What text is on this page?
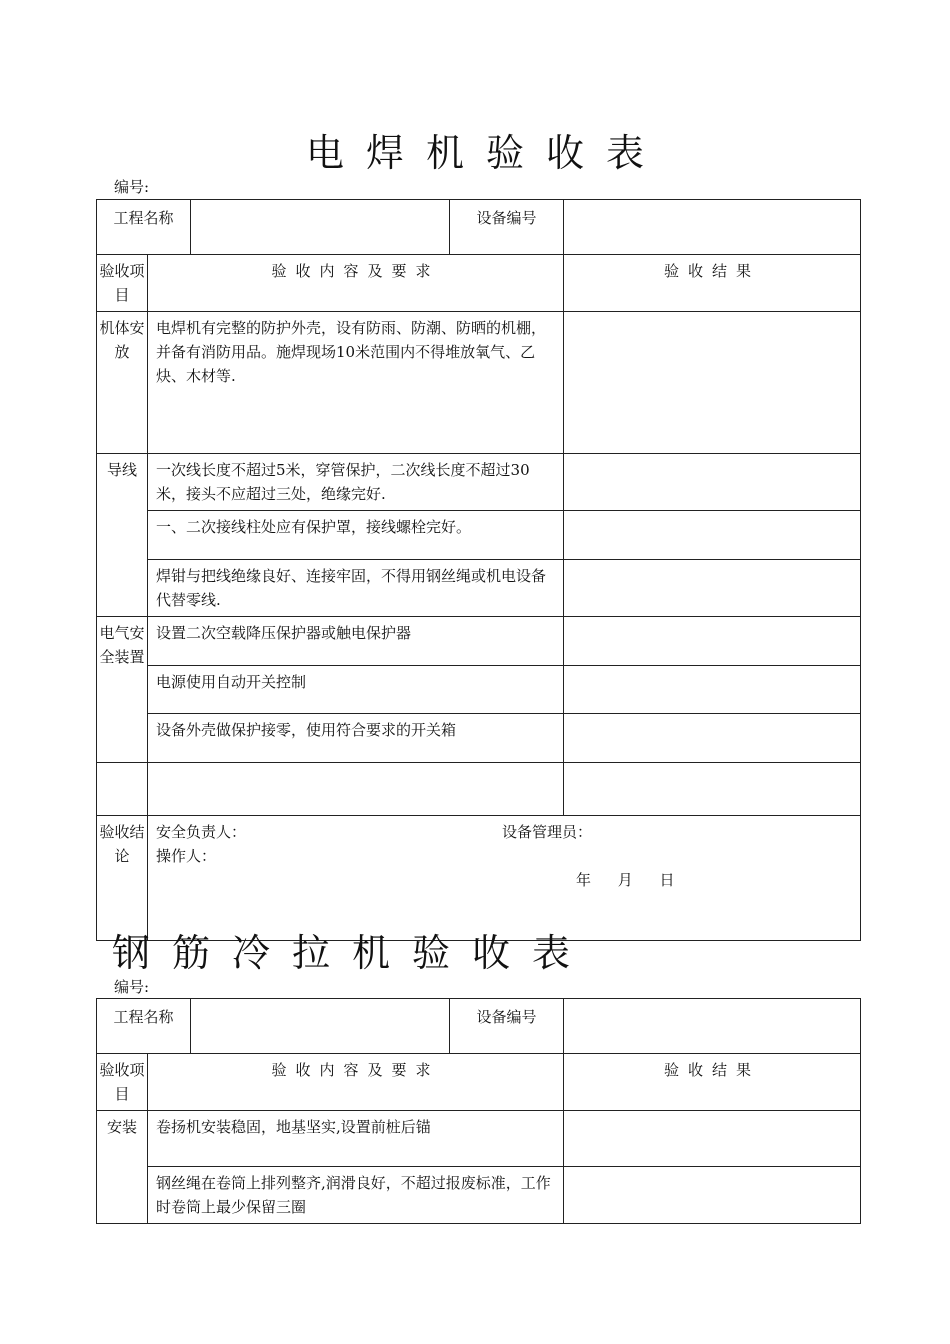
电焊机验收表
编号:
工程名称			设备编号	
验收项目	验收内容及要求			验收结果
机体安放	电焊机有完整的防护外壳，设有防雨、防潮、防晒的机棚，并备有消防用品。施焊现场10米范围内不得堆放氧气、乙炔、木材等.			
导线	一次线长度不超过5米，穿管保护，二次线长度不超过30米，接头不应超过三处，绝缘完好.			
	一、二次接线柱处应有保护罩，接线螺栓完好。			
	焊钳与把线绝缘良好、连接牢固，不得用钢丝绳或机电设备代替零线.			
电气安全装置	设置二次空载降压保护器或触电保护器			
	电源使用自动开关控制			
	设备外壳做保护接零，使用符合要求的开关箱			

验收结论	安全负责人： 设备管理员：
操作人：
年 月 日			
钢筋冷拉机验收表
编号:
工程名称			设备编号	
验收项目	验收内容及要求			验收结果
安装	卷扬机安装稳固，地基坚实,设置前桩后锚			
	钢丝绳在卷筒上排列整齐,润滑良好，不超过报废标准，工作时卷筒上最少保留三圈			
